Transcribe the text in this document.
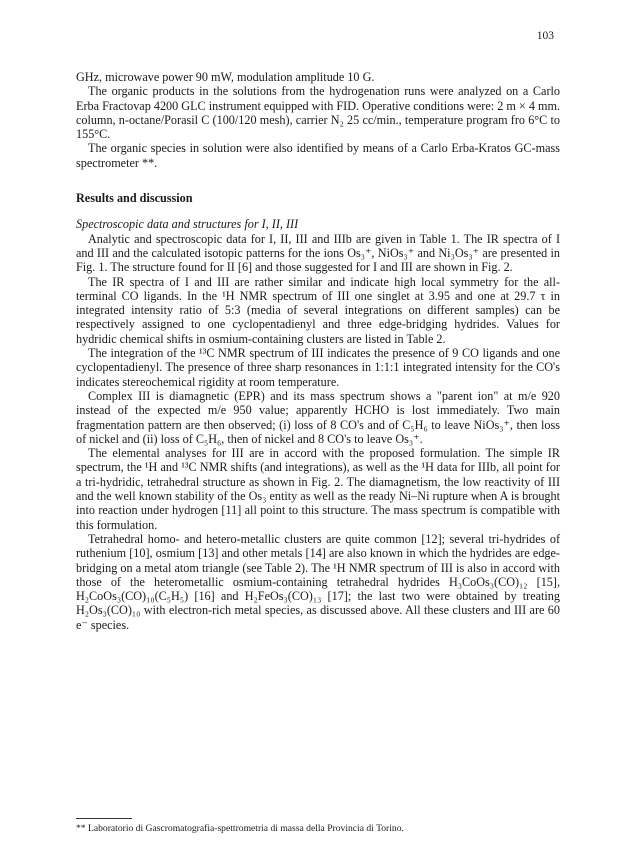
103

GHz, microwave power 90 mW, modulation amplitude 10 G.

The organic products in the solutions from the hydrogenation runs were analyzed on a Carlo Erba Fractovap 4200 GLC instrument equipped with FID. Operative conditions were: 2 m × 4 mm. column, n-octane/Porasil C (100/120 mesh), carrier N₂ 25 cc/min., temperature program fro 6°C to 155°C.

The organic species in solution were also identified by means of a Carlo Erba-Kratos GC-mass spectrometer **.

Results and discussion
Spectroscopic data and structures for I, II, III

Analytic and spectroscopic data for I, II, III and IIIb are given in Table 1. The IR spectra of I and III and the calculated isotopic patterns for the ions Os₃⁺, NiOs₃⁺ and Ni₃Os₃⁺ are presented in Fig. 1. The structure found for II [6] and those suggested for I and III are shown in Fig. 2.

The IR spectra of I and III are rather similar and indicate high local symmetry for the all-terminal CO ligands. In the ¹H NMR spectrum of III one singlet at 3.95 and one at 29.7 τ in integrated intensity ratio of 5:3 (media of several integrations on different samples) can be respectively assigned to one cyclopentadienyl and three edge-bridging hydrides. Values for hydridic chemical shifts in osmium-containing clusters are listed in Table 2.

The integration of the ¹³C NMR spectrum of III indicates the presence of 9 CO ligands and one cyclopentadienyl. The presence of three sharp resonances in 1:1:1 integrated intensity for the CO's indicates stereochemical rigidity at room temperature.

Complex III is diamagnetic (EPR) and its mass spectrum shows a "parent ion" at m/e 920 instead of the expected m/e 950 value; apparently HCHO is lost immediately. Two main fragmentation pattern are then observed; (i) loss of 8 CO's and of C₅H₆ to leave NiOs₃⁺, then loss of nickel and (ii) loss of C₅H₆, then of nickel and 8 CO's to leave Os₃⁺.

The elemental analyses for III are in accord with the proposed formulation. The simple IR spectrum, the ¹H and ¹³C NMR shifts (and integrations), as well as the ¹H data for IIIb, all point for a tri-hydridic, tetrahedral structure as shown in Fig. 2. The diamagnetism, the low reactivity of III and the well known stability of the Os₃ entity as well as the ready Ni–Ni rupture when A is brought into reaction under hydrogen [11] all point to this structure. The mass spectrum is compatible with this formulation.

Tetrahedral homo- and hetero-metallic clusters are quite common [12]; several tri-hydrides of ruthenium [10], osmium [13] and other metals [14] are also known in which the hydrides are edge-bridging on a metal atom triangle (see Table 2). The ¹H NMR spectrum of III is also in accord with those of the heterometallic osmium-containing tetrahedral hydrides H₃CoOs₃(CO)₁₂ [15], H₂CoOs₃(CO)₁₀(C₅H₅) [16] and H₂FeOs₃(CO)₁₃ [17]; the last two were obtained by treating H₂Os₃(CO)₁₀ with electron-rich metal species, as discussed above. All these clusters and III are 60 e⁻ species.

** Laboratorio di Gascromatografia-spettrometria di massa della Provincia di Torino.
